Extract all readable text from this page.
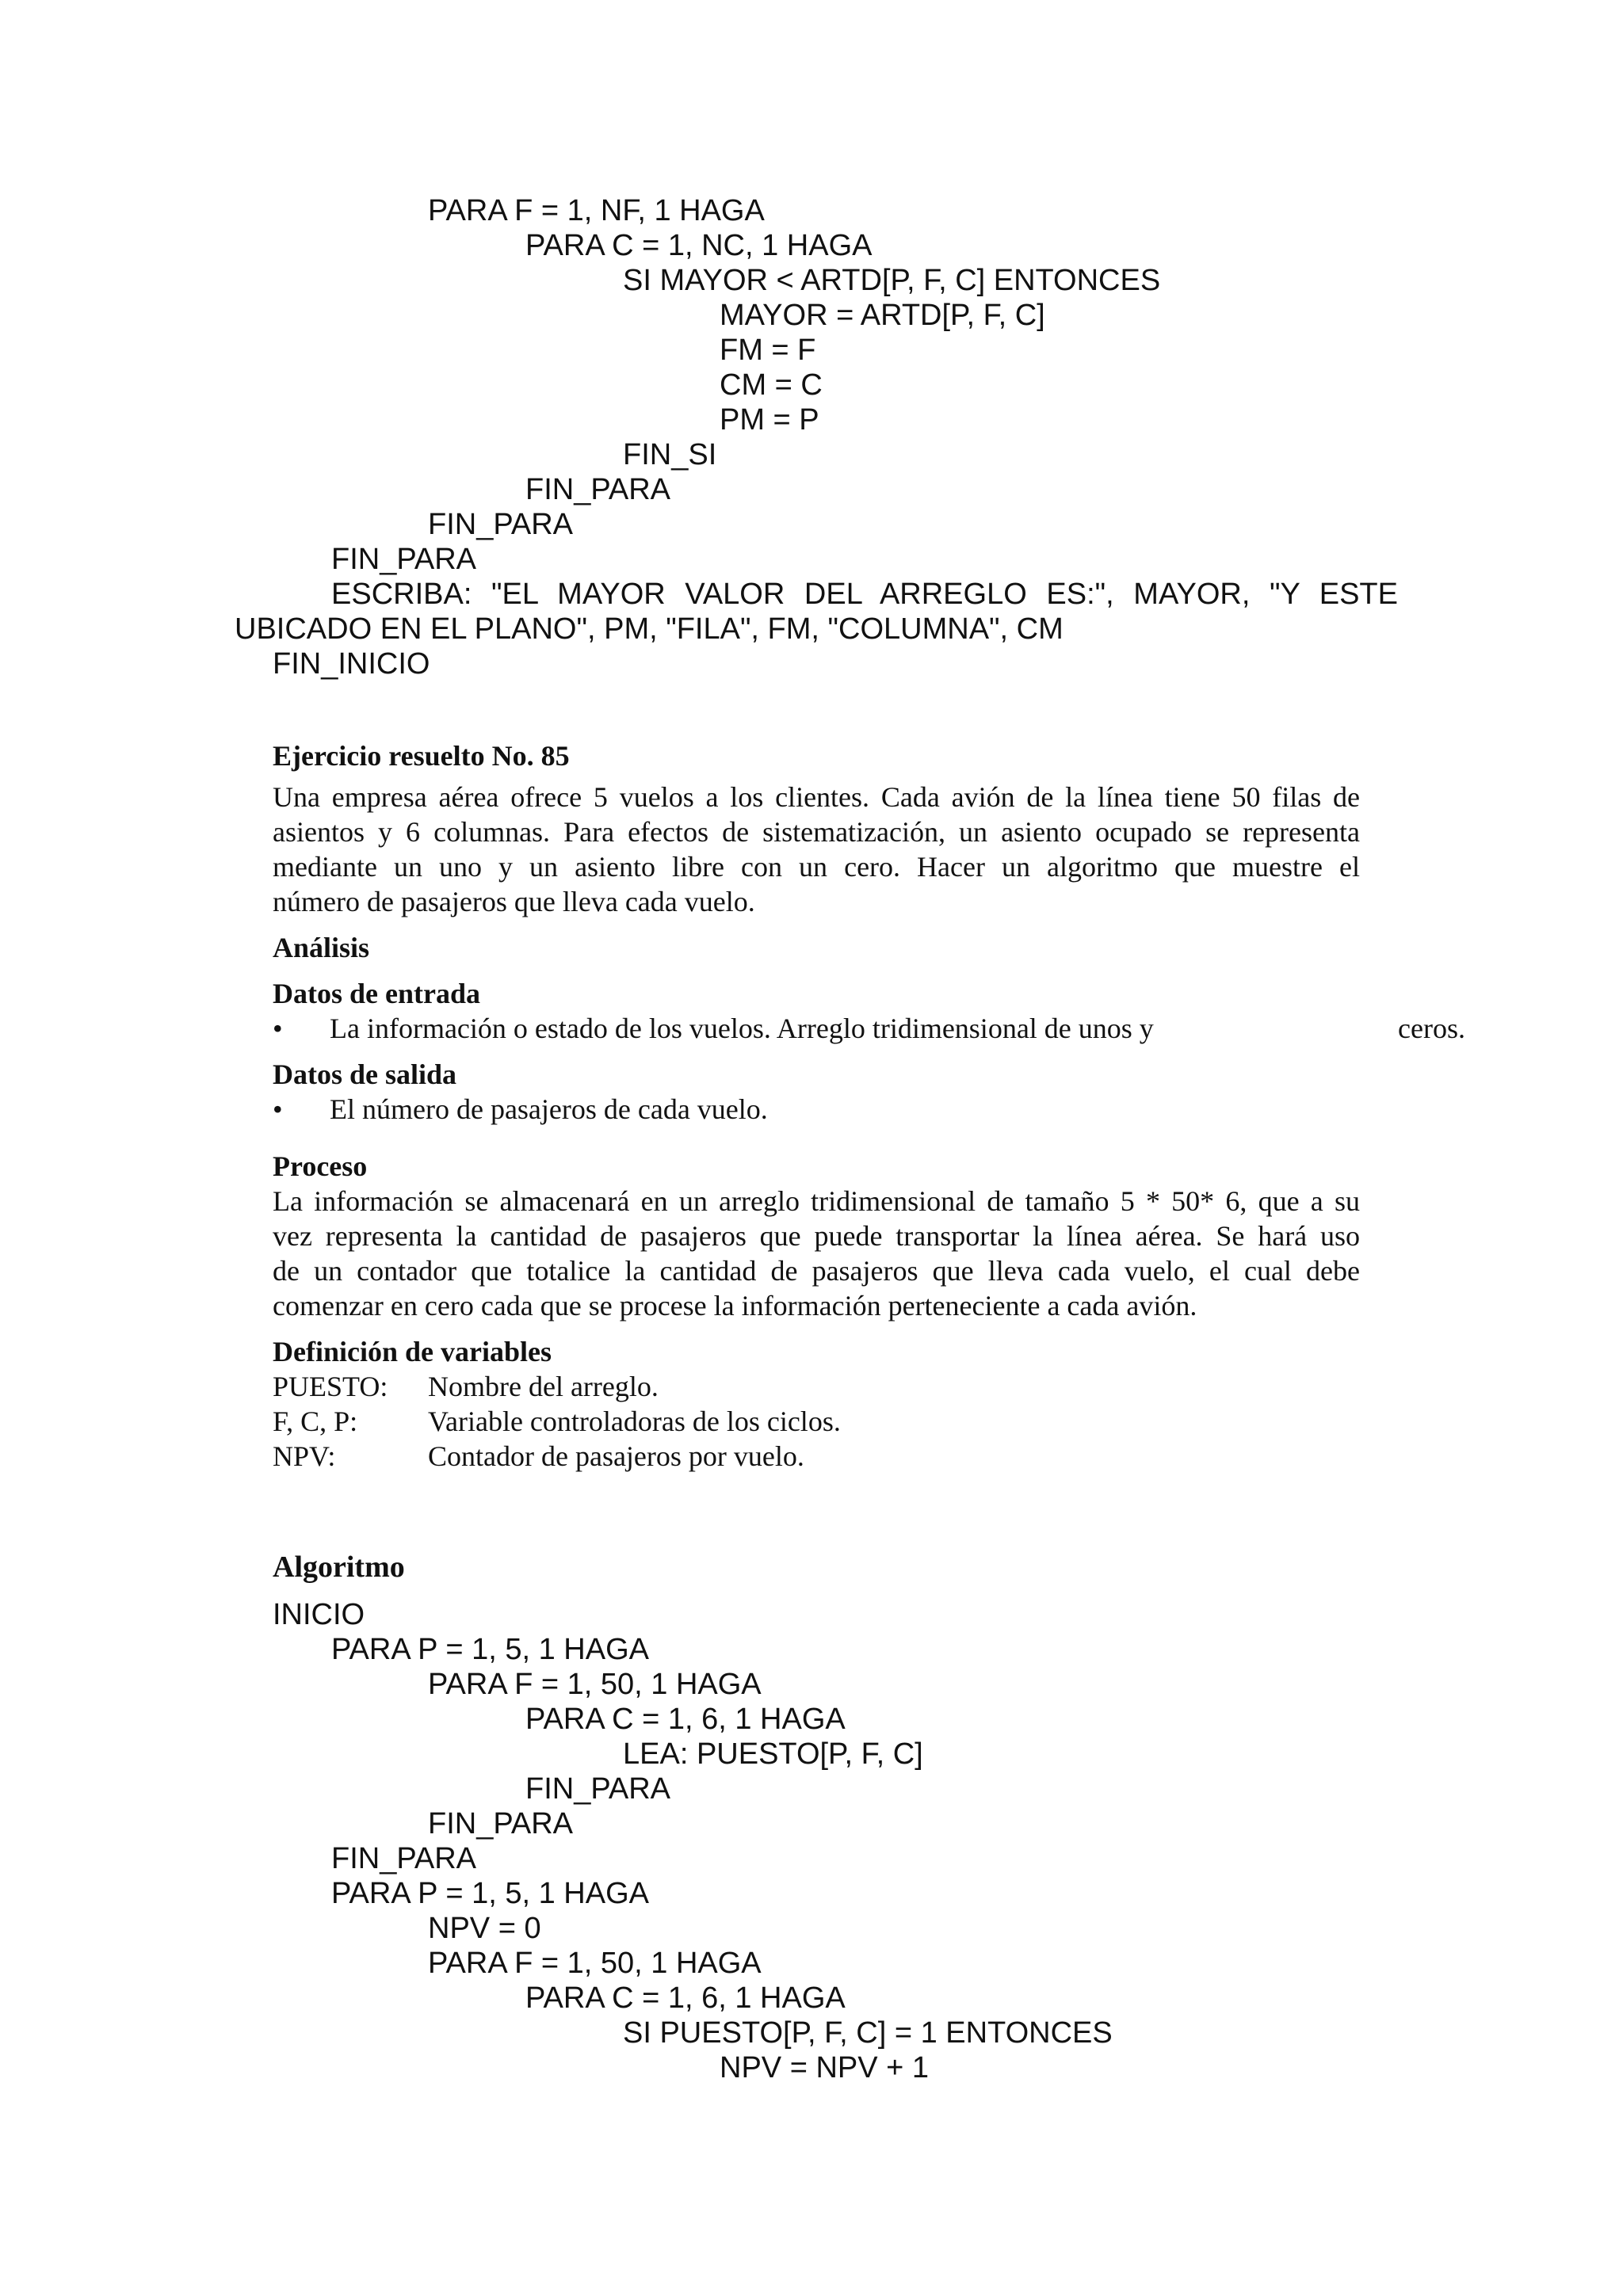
PARA F = 1, NF, 1 HAGA
PARA C = 1, NC, 1 HAGA
SI MAYOR < ARTD[P, F, C] ENTONCES
MAYOR = ARTD[P, F, C]
FM = F
CM = C
PM = P
FIN_SI
FIN_PARA
FIN_PARA
FIN_PARA
ESCRIBA: "EL MAYOR VALOR DEL ARREGLO ES:", MAYOR, "Y ESTE
UBICADO EN EL PLANO", PM, "FILA", FM, "COLUMNA", CM
FIN_INICIO
Ejercicio resuelto No. 85
Una empresa aérea ofrece 5 vuelos a los clientes. Cada avión de la línea tiene 50 filas de
asientos y 6 columnas. Para efectos de sistematización, un asiento ocupado se representa
mediante un uno y un asiento libre con un cero. Hacer un algoritmo que muestre el
número de pasajeros que lleva cada vuelo.
Análisis
Datos de entrada
• La información o estado de los vuelos. Arreglo tridimensional de unos y	ceros.
Datos de salida
• El número de pasajeros de cada vuelo.
Proceso
La información se almacenará en un arreglo tridimensional de tamaño 5 * 50* 6, que a su
vez representa la cantidad de pasajeros que puede transportar la línea aérea. Se hará uso
de un contador que totalice la cantidad de pasajeros que lleva cada vuelo, el cual debe
comenzar en cero cada que se procese la información perteneciente a cada avión.
Definición de variables
PUESTO: Nombre del arreglo.
F, C, P: Variable controladoras de los ciclos.
NPV:	Contador de pasajeros por vuelo.
Algoritmo
INICIO
PARA P = 1, 5, 1 HAGA
PARA F = 1, 50, 1 HAGA
PARA C = 1, 6, 1 HAGA
LEA: PUESTO[P, F, C]
FIN_PARA
FIN_PARA
FIN_PARA
PARA P = 1, 5, 1 HAGA
NPV = 0
PARA F = 1, 50, 1 HAGA
PARA C = 1, 6, 1 HAGA
SI PUESTO[P, F, C] = 1 ENTONCES
NPV = NPV + 1
